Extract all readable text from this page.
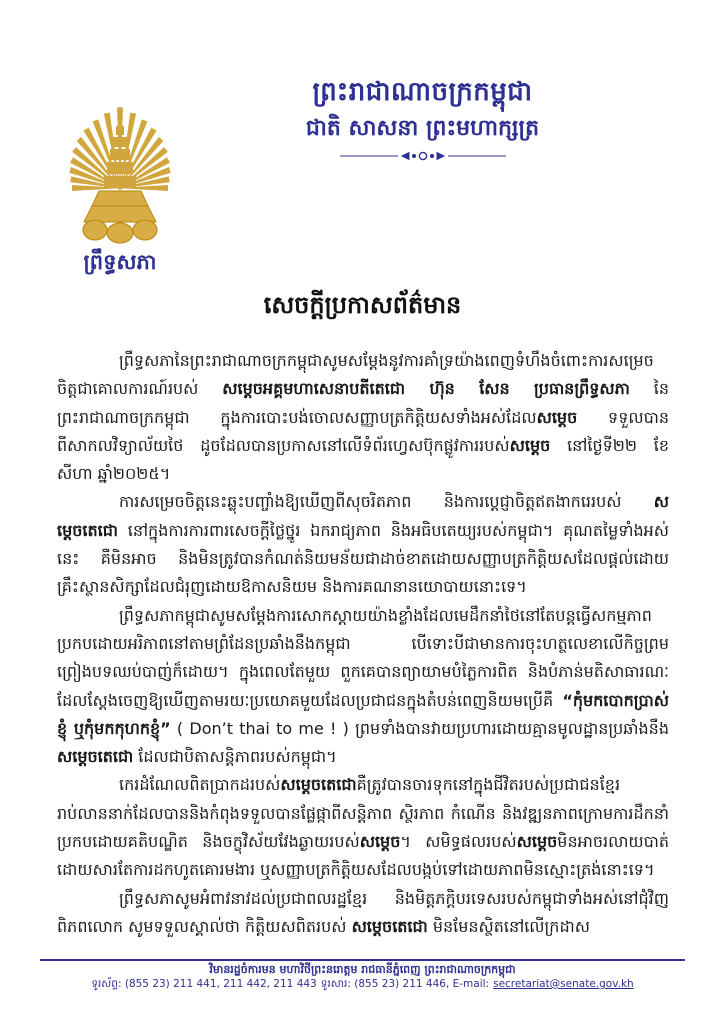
ព្រឹទ្ធសភា
ព្រះរាជាណាចក្រកម្ពុជា
ជាតិ សាសនា ព្រះមហាក្សត្រ
សេចក្តីប្រកាសព័ត៌មាន

ព្រឹទ្ធសភានៃព្រះរាជាណាចក្រកម្ពុជាសូមសម្តែងនូវការគាំទ្រយ៉ាងពេញទំហឹងចំពោះការសម្រេចចិត្តជាគោលការណ៍របស់ សម្តេចអគ្គមហាសេនាបតីតេជោ ហ៊ុន សែន ប្រធានព្រឹទ្ធសភា នៃព្រះរាជាណាចក្រកម្ពុជា ក្នុងការបោះបង់ចោលសញ្ញាបត្រកិត្តិយសទាំងអស់ដែលសម្តេច ទទួលបានពីសាកលវិទ្យាល័យថៃ ដូចដែលបានប្រកាសនៅលើទំព័រហ្វេសប៊ុកផ្លូវការរបស់សម្តេច នៅថ្ងៃទី២២ ខែសីហា ឆ្នាំ២០២៥។

ការសម្រេចចិត្តនេះឆ្លុះបញ្ចាំងឱ្យឃើញពីសុចរិតភាព និងការប្តេជ្ញាចិត្តឥតងាករេរបស់ សម្តេចតេជោ នៅក្នុងការការពារសេចក្តីថ្លៃថ្នូរ ឯករាជ្យភាព និងអធិបតេយ្យរបស់កម្ពុជា។ គុណតម្លៃទាំងអស់នេះ គឺមិនអាច និងមិនត្រូវបានកំណត់និយមន័យជាដាច់ខាតដោយសញ្ញាបត្រកិត្តិយសដែលផ្តល់ដោយគ្រឹះស្ថានសិក្សាដែលជំរុញដោយឱកាសនិយម និងការគណនានយោបាយនោះទេ។

ព្រឹទ្ធសភាកម្ពុជាសូមសម្តែងការសោកស្តាយយ៉ាងខ្លាំងដែលមេដឹកនាំថៃនៅតែបន្តធ្វើសកម្មភាពប្រកបដោយអរិភាពនៅតាមព្រំដែនប្រឆាំងនឹងកម្ពុជា បើទោះបីជាមានការចុះហត្ថលេខាលើកិច្ចព្រមព្រៀងបទឈប់បាញ់ក៏ដោយ។ ក្នុងពេលតែមួយ ពួកគេបានព្យាយាមបំភ្លៃការពិត និងបំភាន់មតិសាធារណៈ ដែលស្តែងចេញឱ្យឃើញតាមរយៈប្រយោគមួយដែលប្រជាជនក្នុងតំបន់ពេញនិយមប្រើគឺ “កុំមកបោកប្រាស់ខ្ញុំ ឬកុំមកកុហកខ្ញុំ” ( Don’t thai to me ! ) ព្រមទាំងបានវាយប្រហារដោយគ្មានមូលដ្ឋានប្រឆាំងនឹង សម្តេចតេជោ ដែលជាបិតាសន្តិភាពរបស់កម្ពុជា។

កេរដំណែលពិតប្រាកដរបស់សម្តេចតេជោគឺត្រូវបានចារទុកនៅក្នុងជីវិតរបស់ប្រជាជនខ្មែររាប់លាននាក់ដែលបាននិងកំពុងទទួលបានផ្លែផ្កាពីសន្តិភាព ស្ថិរភាព កំណើន និងវឌ្ឍនភាពក្រោមការដឹកនាំប្រកបដោយគតិបណ្ឌិត និងចក្ខុវិស័យវែងឆ្ងាយរបស់សម្តេច។ សមិទ្ធផលរបស់សម្តេចមិនអាចរលាយបាត់ដោយសារតែការដកហូតគោរមងារ ឬសញ្ញាបត្រកិត្តិយសដែលបង្កប់ទៅដោយភាពមិនស្មោះត្រង់នោះទេ។

ព្រឹទ្ធសភាសូមអំពាវនាវដល់ប្រជាពលរដ្ឋខ្មែរ និងមិត្តភក្តិបរទេសរបស់កម្ពុជាទាំងអស់នៅជុំវិញពិភពលោក សូមទទួលស្គាល់ថា កិត្តិយសពិតរបស់ សម្តេចតេជោ មិនមែនស្ថិតនៅលើក្រដាស

វិមានរដ្ឋចំការមន មហាវិថីព្រះនរោត្តម រាជធានីភ្នំពេញ ព្រះរាជាណាចក្រកម្ពុជា
ទូរស័ព្ទ: (855 23) 211 441, 211 442, 211 443 ទូរសារ: (855 23) 211 446, E-mail: secretariat@senate.gov.kh
